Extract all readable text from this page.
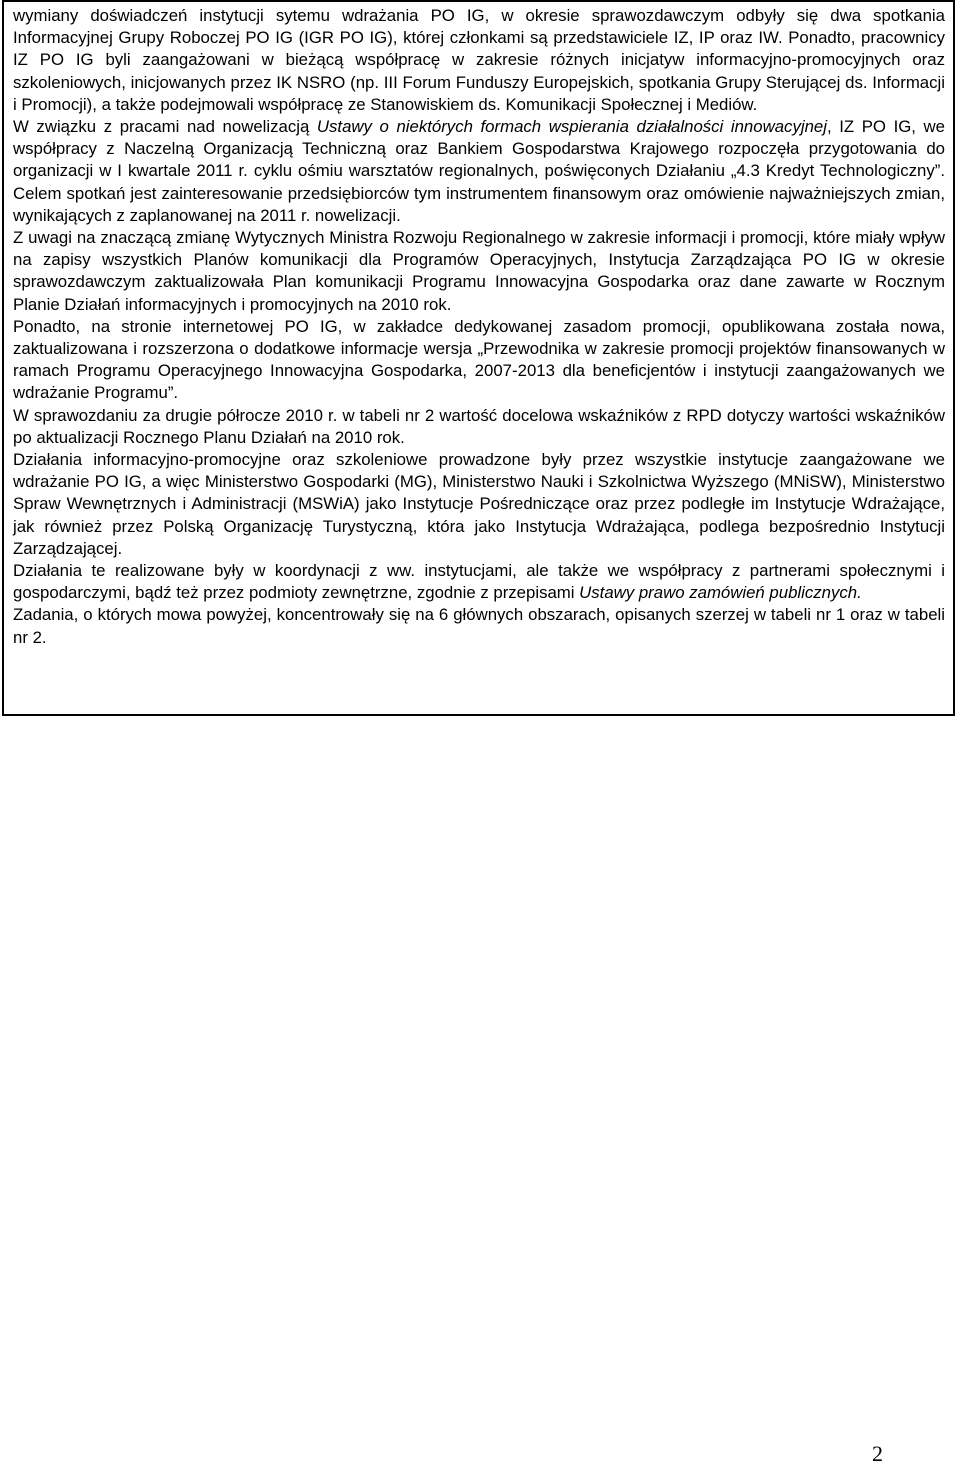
wymiany doświadczeń instytucji sytemu wdrażania PO IG, w okresie sprawozdawczym odbyły się dwa spotkania Informacyjnej Grupy Roboczej PO IG (IGR PO IG), której członkami są przedstawiciele IZ, IP oraz IW. Ponadto, pracownicy IZ PO IG byli zaangażowani w bieżącą współpracę w zakresie różnych inicjatyw informacyjno-promocyjnych oraz szkoleniowych, inicjowanych przez IK NSRO (np. III Forum Funduszy Europejskich, spotkania Grupy Sterującej ds. Informacji i Promocji), a także podejmowali współpracę ze Stanowiskiem ds. Komunikacji Społecznej i Mediów.

W związku z pracami nad nowelizacją Ustawy o niektórych formach wspierania działalności innowacyjnej, IZ PO IG, we współpracy z Naczelną Organizacją Techniczną oraz Bankiem Gospodarstwa Krajowego rozpoczęła przygotowania do organizacji w I kwartale 2011 r. cyklu ośmiu warsztatów regionalnych, poświęconych Działaniu „4.3 Kredyt Technologiczny”. Celem spotkań jest zainteresowanie przedsiębiorców tym instrumentem finansowym oraz omówienie najważniejszych zmian, wynikających z zaplanowanej na 2011 r. nowelizacji.

Z uwagi na znaczącą zmianę Wytycznych Ministra Rozwoju Regionalnego w zakresie informacji i promocji, które miały wpływ na zapisy wszystkich Planów komunikacji dla Programów Operacyjnych, Instytucja Zarządzająca PO IG w okresie sprawozdawczym zaktualizowała Plan komunikacji Programu Innowacyjna Gospodarka oraz dane zawarte w Rocznym Planie Działań informacyjnych i promocyjnych na 2010 rok.

Ponadto, na stronie internetowej PO IG, w zakładce dedykowanej zasadom promocji, opublikowana została nowa, zaktualizowana i rozszerzona o dodatkowe informacje wersja „Przewodnika w zakresie promocji projektów finansowanych w ramach Programu Operacyjnego Innowacyjna Gospodarka, 2007-2013 dla beneficjentów i instytucji zaangażowanych we wdrażanie Programu”.

W sprawozdaniu za drugie półrocze 2010 r. w tabeli nr 2 wartość docelowa wskaźników z RPD dotyczy wartości wskaźników po aktualizacji Rocznego Planu Działań na 2010 rok.

Działania informacyjno-promocyjne oraz szkoleniowe prowadzone były przez wszystkie instytucje zaangażowane we wdrażanie PO IG, a więc Ministerstwo Gospodarki (MG), Ministerstwo Nauki i Szkolnictwa Wyższego (MNiSW), Ministerstwo Spraw Wewnętrznych i Administracji (MSWiA) jako Instytucje Pośredniczące oraz przez podległe im Instytucje Wdrażające, jak również przez Polską Organizację Turystyczną, która jako Instytucja Wdrażająca, podlega bezpośrednio Instytucji Zarządzającej.

Działania te realizowane były w koordynacji z ww. instytucjami, ale także we współpracy z partnerami społecznymi i gospodarczymi, bądź też przez podmioty zewnętrzne, zgodnie z przepisami Ustawy prawo zamówień publicznych.

Zadania, o których mowa powyżej, koncentrowały się na 6 głównych obszarach, opisanych szerzej w tabeli nr 1 oraz w tabeli nr 2.

2
